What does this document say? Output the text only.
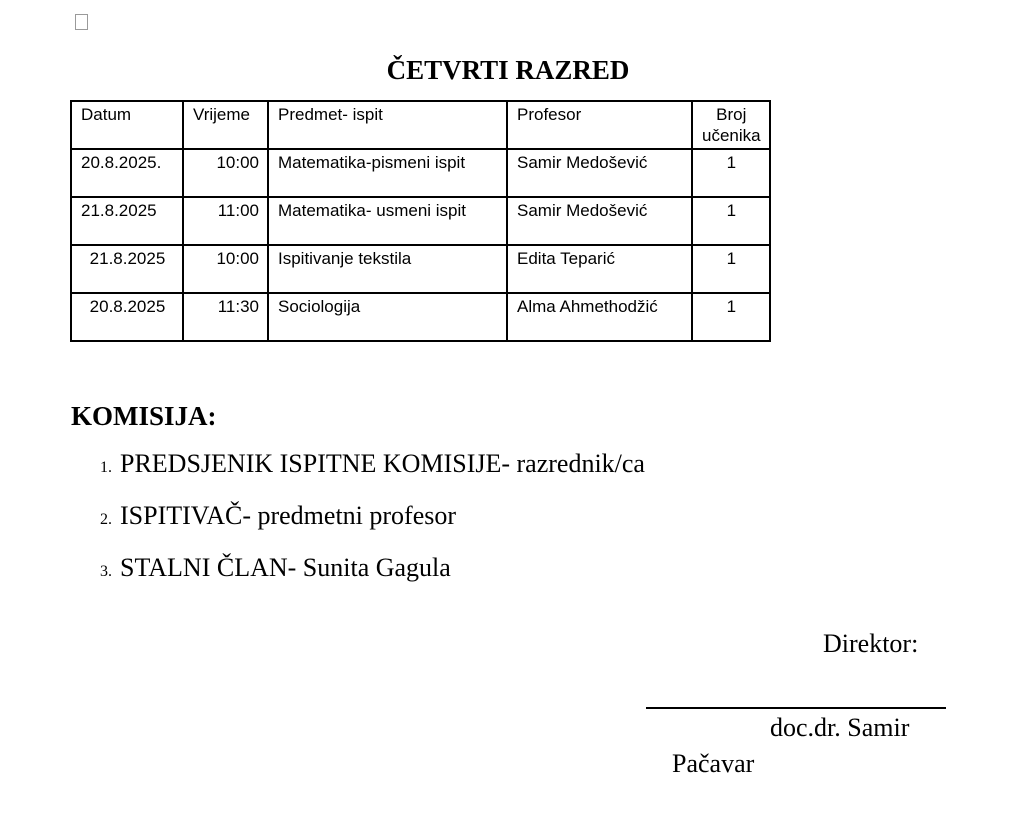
ČETVRTI RAZRED
Datum	Vrijeme	Predmet- ispit	Profesor	Broj učenika
20.8.2025.	10:00	Matematika-pismeni ispit	Samir Medošević	1
21.8.2025	11:00	Matematika- usmeni ispit	Samir Medošević	1
21.8.2025	10:00	Ispitivanje tekstila	Edita Teparić	1
20.8.2025	11:30	Sociologija	Alma Ahmethodžić	1
KOMISIJA:
1. PREDSJENIK ISPITNE KOMISIJE- razrednik/ca
2. ISPITIVAČ- predmetni profesor
3. STALNI ČLAN- Sunita Gagula
Direktor:
doc.dr. Samir
Pačavar
